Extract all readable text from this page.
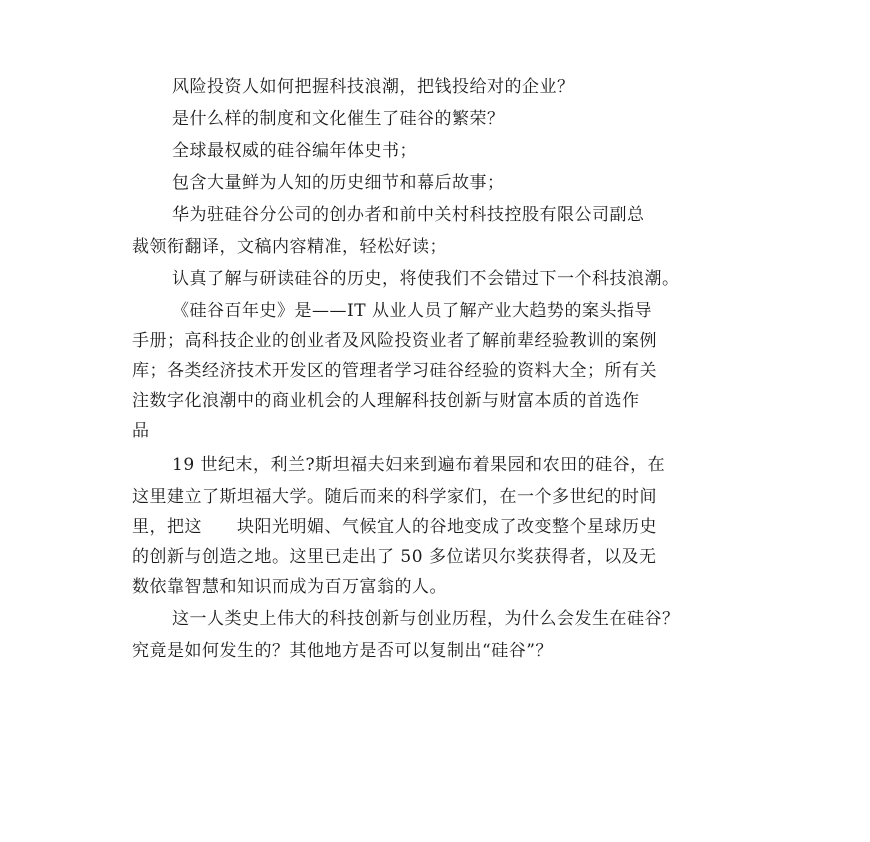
风险投资人如何把握科技浪潮，把钱投给对的企业？
是什么样的制度和文化催生了硅谷的繁荣？
全球最权威的硅谷编年体史书；
包含大量鲜为人知的历史细节和幕后故事；
华为驻硅谷分公司的创办者和前中关村科技控股有限公司副总
裁领衔翻译，文稿内容精准，轻松好读；
认真了解与研读硅谷的历史，将使我们不会错过下一个科技浪潮。
《硅谷百年史》是——IT 从业人员了解产业大趋势的案头指导
手册；高科技企业的创业者及风险投资业者了解前辈经验教训的案例
库；各类经济技术开发区的管理者学习硅谷经验的资料大全；所有关
注数字化浪潮中的商业机会的人理解科技创新与财富本质的首选作
品
19 世纪末，利兰?斯坦福夫妇来到遍布着果园和农田的硅谷，在
这里建立了斯坦福大学。随后而来的科学家们，在一个多世纪的时间
里，把这　　块阳光明媚、气候宜人的谷地变成了改变整个星球历史
的创新与创造之地。这里已走出了 50 多位诺贝尔奖获得者，以及无
数依靠智慧和知识而成为百万富翁的人。
这一人类史上伟大的科技创新与创业历程，为什么会发生在硅谷？
究竟是如何发生的？其他地方是否可以复制出“硅谷”？
